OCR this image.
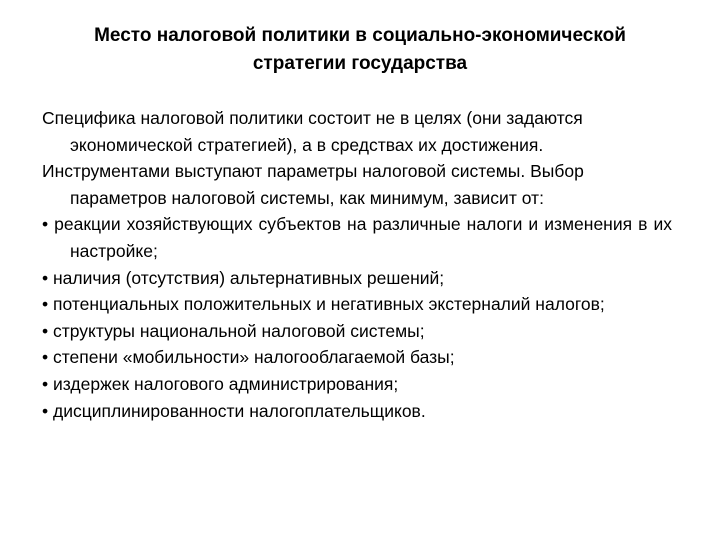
Место налоговой политики в социально-экономической
стратегии государства

Специфика налоговой политики состоит не в целях (они задаются экономической стратегией), а в средствах их достижения.

Инструментами выступают параметры налоговой системы. Выбор параметров налоговой системы, как минимум, зависит от:

• реакции хозяйствующих субъектов на различные налоги и изменения в их настройке;

• наличия (отсутствия) альтернативных решений;

• потенциальных положительных и негативных экстерналий налогов;

• структуры национальной налоговой системы;

• степени «мобильности» налогооблагаемой базы;

• издержек налогового администрирования;

• дисциплинированности налогоплательщиков.
